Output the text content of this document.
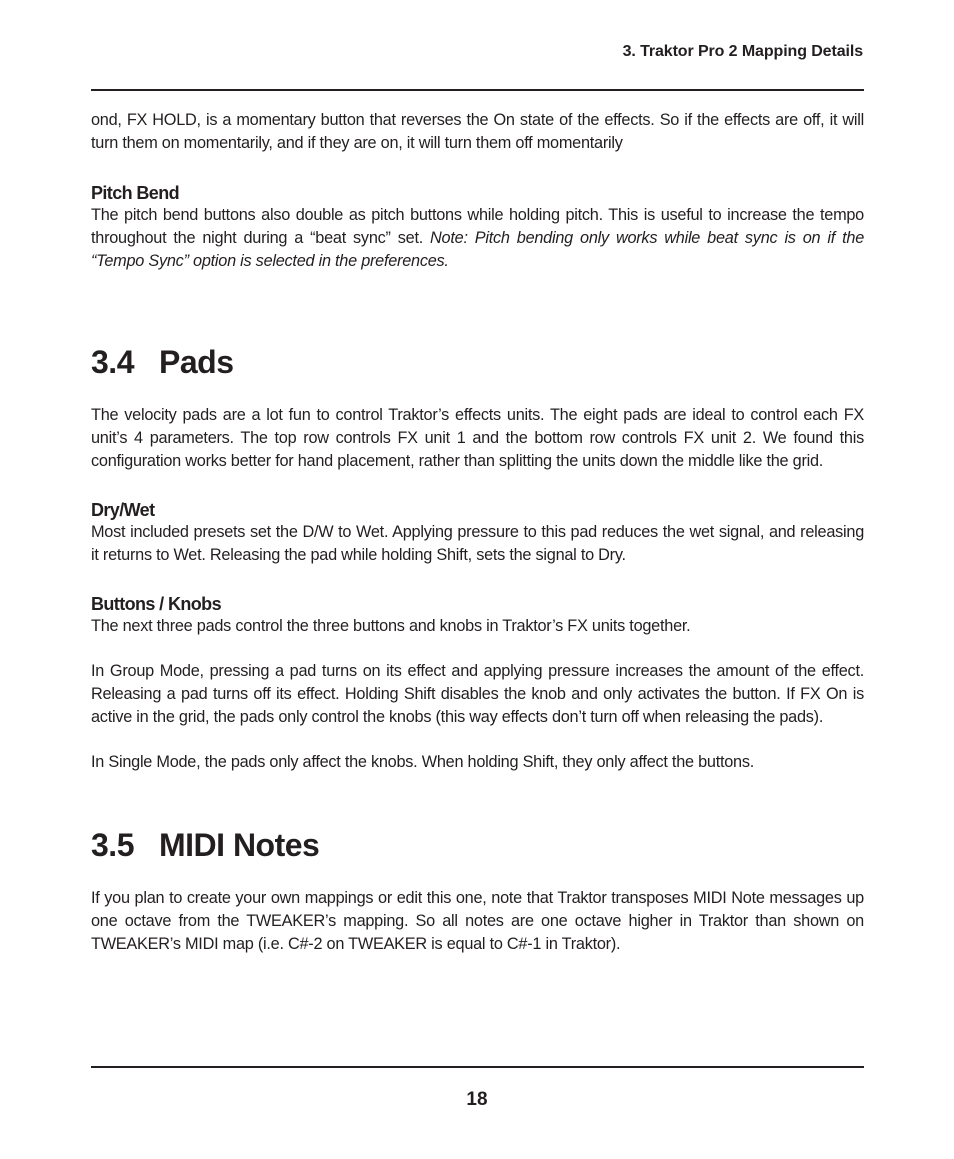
3. Traktor Pro 2 Mapping Details

ond, FX HOLD, is a momentary button that reverses the On state of the effects. So if the effects are off, it will turn them on momentarily, and if they are on, it will turn them off momentarily

Pitch Bend

The pitch bend buttons also double as pitch buttons while holding pitch. This is useful to increase the tempo throughout the night during a “beat sync” set. Note: Pitch bending only works while beat sync is on if the “Tempo Sync” option is selected in the preferences.

3.4 Pads

The velocity pads are a lot fun to control Traktor’s effects units. The eight pads are ideal to control each FX unit’s 4 parameters. The top row controls FX unit 1 and the bottom row controls FX unit 2. We found this configuration works better for hand placement, rather than splitting the units down the middle like the grid.

Dry/Wet

Most included presets set the D/W to Wet. Applying pressure to this pad reduces the wet signal, and releasing it returns to Wet. Releasing the pad while holding Shift, sets the signal to Dry.

Buttons / Knobs

The next three pads control the three buttons and knobs in Traktor’s FX units together.

In Group Mode, pressing a pad turns on its effect and applying pressure increases the amount of the effect. Releasing a pad turns off its effect. Holding Shift disables the knob and only activates the button. If FX On is active in the grid, the pads only control the knobs (this way effects don’t turn off when releasing the pads).

In Single Mode, the pads only affect the knobs. When holding Shift, they only affect the buttons.

3.5 MIDI Notes

If you plan to create your own mappings or edit this one, note that Traktor transposes MIDI Note messages up one octave from the TWEAKER’s mapping. So all notes are one octave higher in Traktor than shown on TWEAKER’s MIDI map (i.e. C#-2 on TWEAKER is equal to C#-1 in Traktor).

18
